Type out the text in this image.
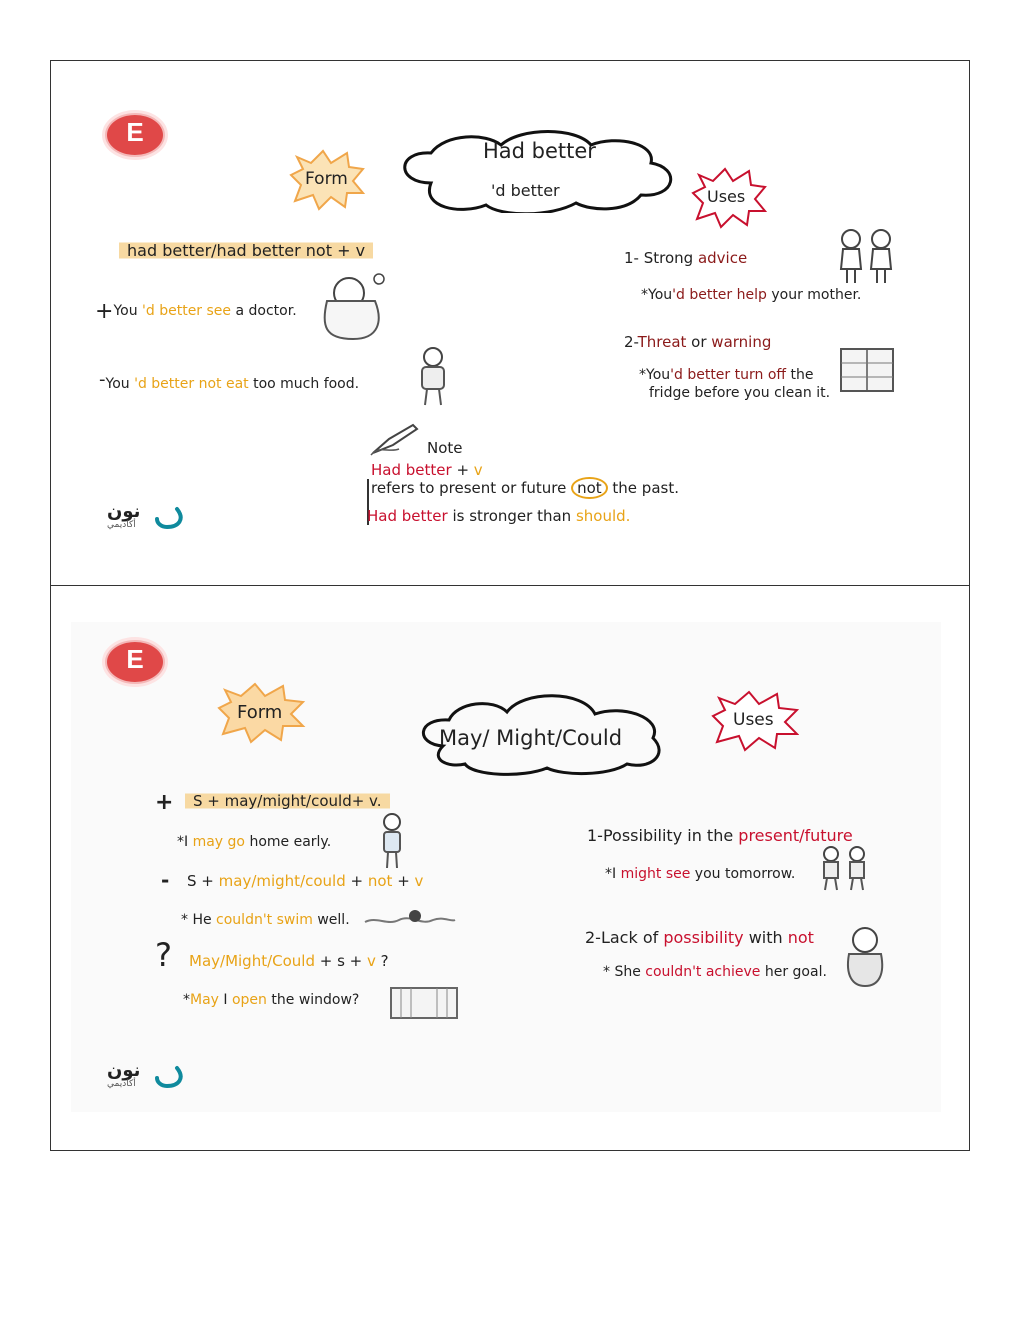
E
Had better
'd better
Form
Uses
had better/had better not + v
+You 'd better see a doctor.
-You 'd better not eat too much food.
1- Strong advice
*You'd better help your mother.
2-Threat or warning
*You'd better turn off the
fridge before you clean it.
Note
Had better + v
refers to present or future not the past.
Had better is stronger than should.
نون
أكاديمي
E
May/ Might/Could
Form	Uses
+	S + may/might/could+ v.
*I may go home early.
- S + may/might/could + not + v
* He couldn't swim well.
? May/Might/Could + s + v ?
*May I open the window?
1-Possibility in the present/future
*I might see you tomorrow.
2-Lack of possibility with not
* She couldn't achieve her goal.
نون
أكاديمي
